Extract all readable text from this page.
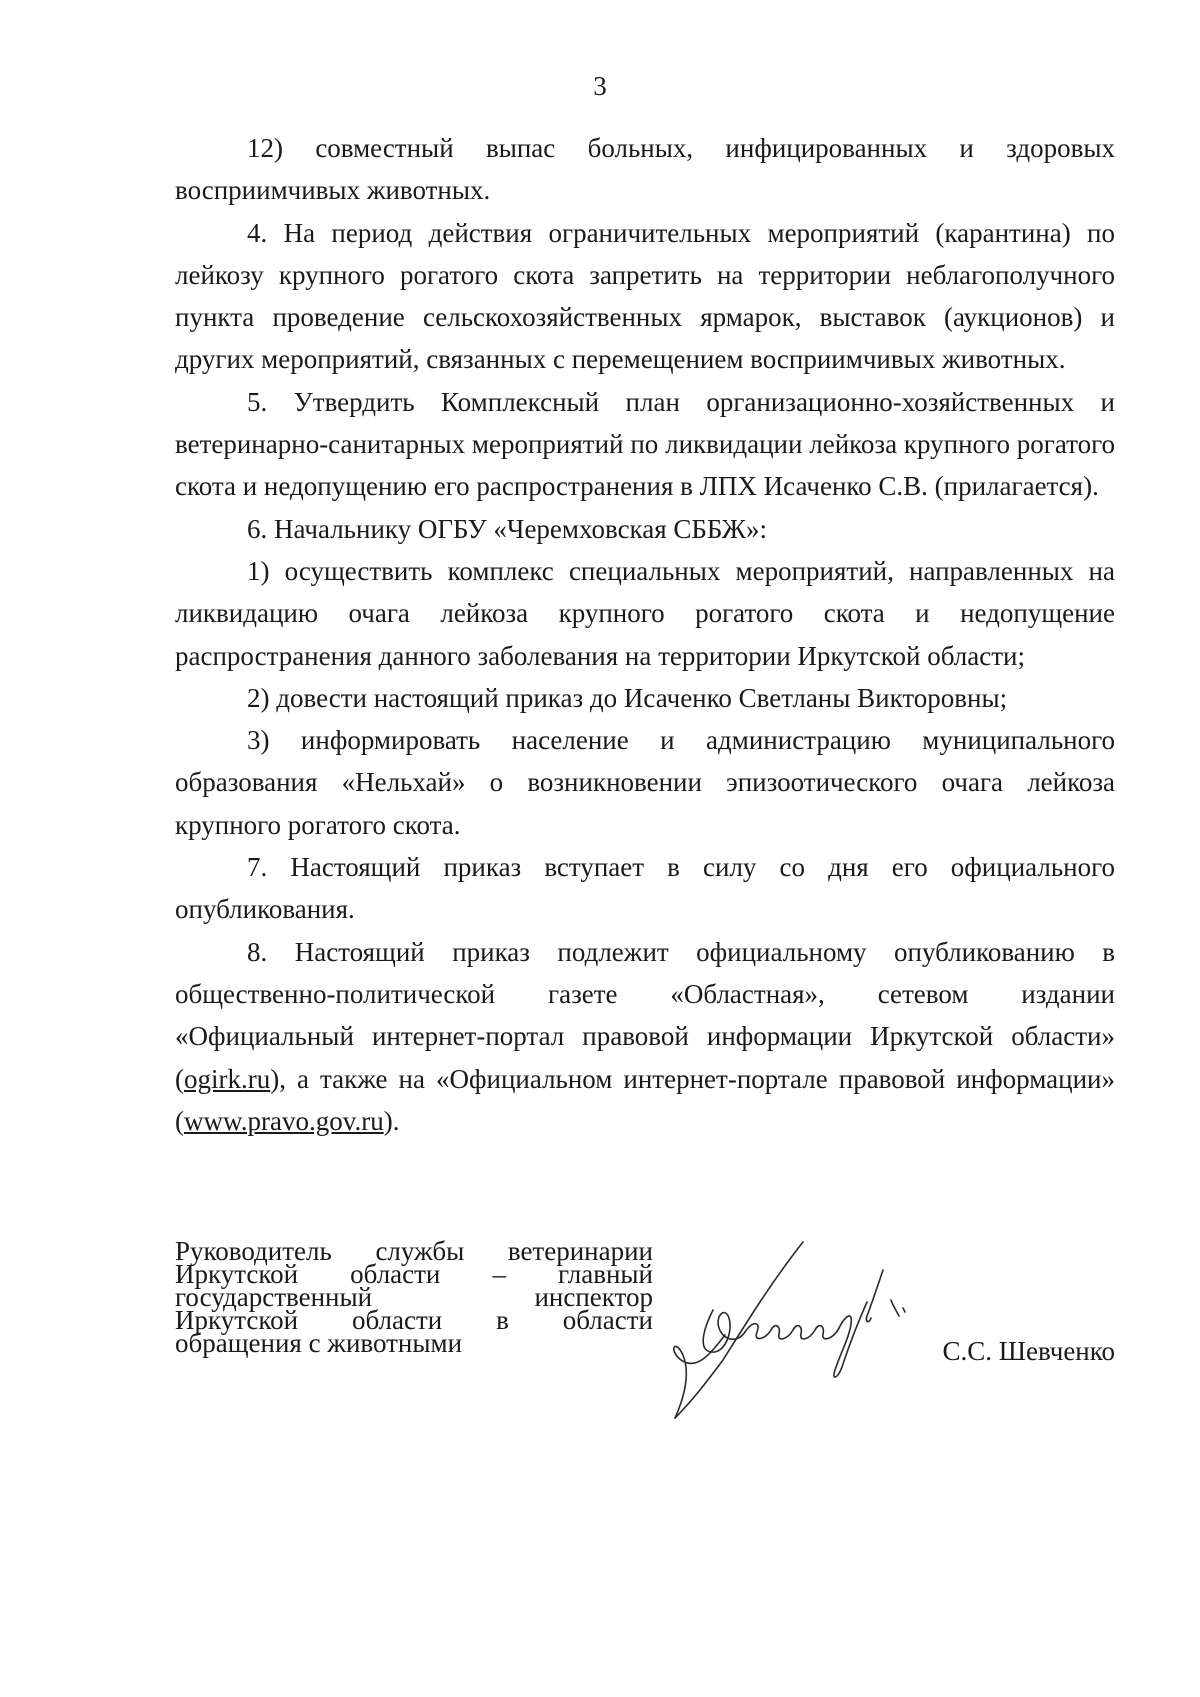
3

12) совместный выпас больных, инфицированных и здоровых восприимчивых животных.

4. На период действия ограничительных мероприятий (карантина) по лейкозу крупного рогатого скота запретить на территории неблагополучного пункта проведение сельскохозяйственных ярмарок, выставок (аукционов) и других мероприятий, связанных с перемещением восприимчивых животных.

5. Утвердить Комплексный план организационно-хозяйственных и ветеринарно-санитарных мероприятий по ликвидации лейкоза крупного рогатого скота и недопущению его распространения в ЛПХ Исаченко С.В. (прилагается).

6. Начальнику ОГБУ «Черемховская СББЖ»:

1) осуществить комплекс специальных мероприятий, направленных на ликвидацию очага лейкоза крупного рогатого скота и недопущение распространения данного заболевания на территории Иркутской области;

2) довести настоящий приказ до Исаченко Светланы Викторовны;

3) информировать население и администрацию муниципального образования «Нельхай» о возникновении эпизоотического очага лейкоза крупного рогатого скота.

7. Настоящий приказ вступает в силу со дня его официального опубликования.

8. Настоящий приказ подлежит официальному опубликованию в общественно-политической газете «Областная», сетевом издании «Официальный интернет-портал правовой информации Иркутской области» (ogirk.ru), а также на «Официальном интернет-портале правовой информации» (www.pravo.gov.ru).

Руководитель службы ветеринарии
Иркутской области – главный
государственный инспектор
Иркутской области в области
обращения с животными	С.С. Шевченко
